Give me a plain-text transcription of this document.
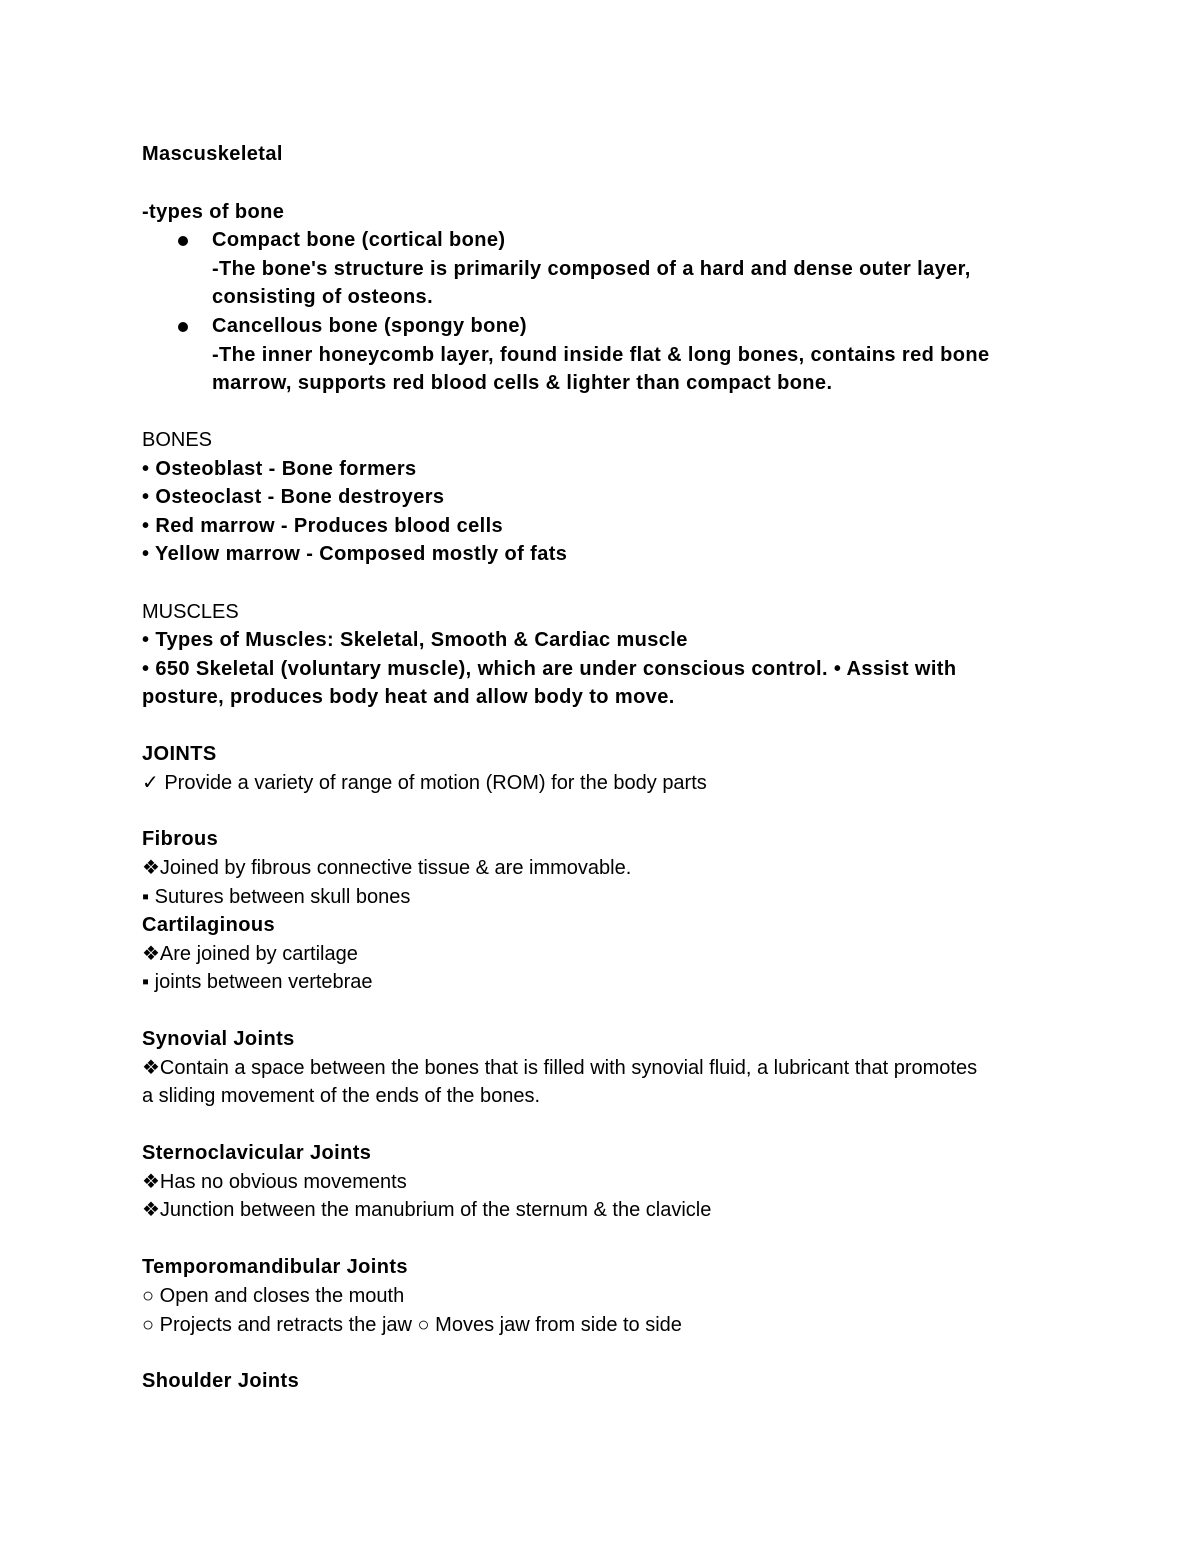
Mascuskeletal
-types of bone
Compact bone (cortical bone)
-The bone's structure is primarily composed of a hard and dense outer layer,
consisting of osteons.
Cancellous bone (spongy bone)
-The inner honeycomb layer, found inside flat & long bones, contains red bone
marrow, supports red blood cells & lighter than compact bone.
BONES
• Osteoblast - Bone formers
• Osteoclast - Bone destroyers
• Red marrow - Produces blood cells
• Yellow marrow - Composed mostly of fats
MUSCLES
• Types of Muscles: Skeletal, Smooth & Cardiac muscle
• 650 Skeletal (voluntary muscle), which are under conscious control. • Assist with
posture, produces body heat and allow body to move.
JOINTS
✓ Provide a variety of range of motion (ROM) for the body parts
Fibrous
❖Joined by fibrous connective tissue & are immovable.
▪ Sutures between skull bones
Cartilaginous
❖Are joined by cartilage
▪ joints between vertebrae
Synovial Joints
❖Contain a space between the bones that is filled with synovial fluid, a lubricant that promotes
a sliding movement of the ends of the bones.
Sternoclavicular Joints
❖Has no obvious movements
❖Junction between the manubrium of the sternum & the clavicle
Temporomandibular Joints
○ Open and closes the mouth
○ Projects and retracts the jaw ○ Moves jaw from side to side
Shoulder Joints
